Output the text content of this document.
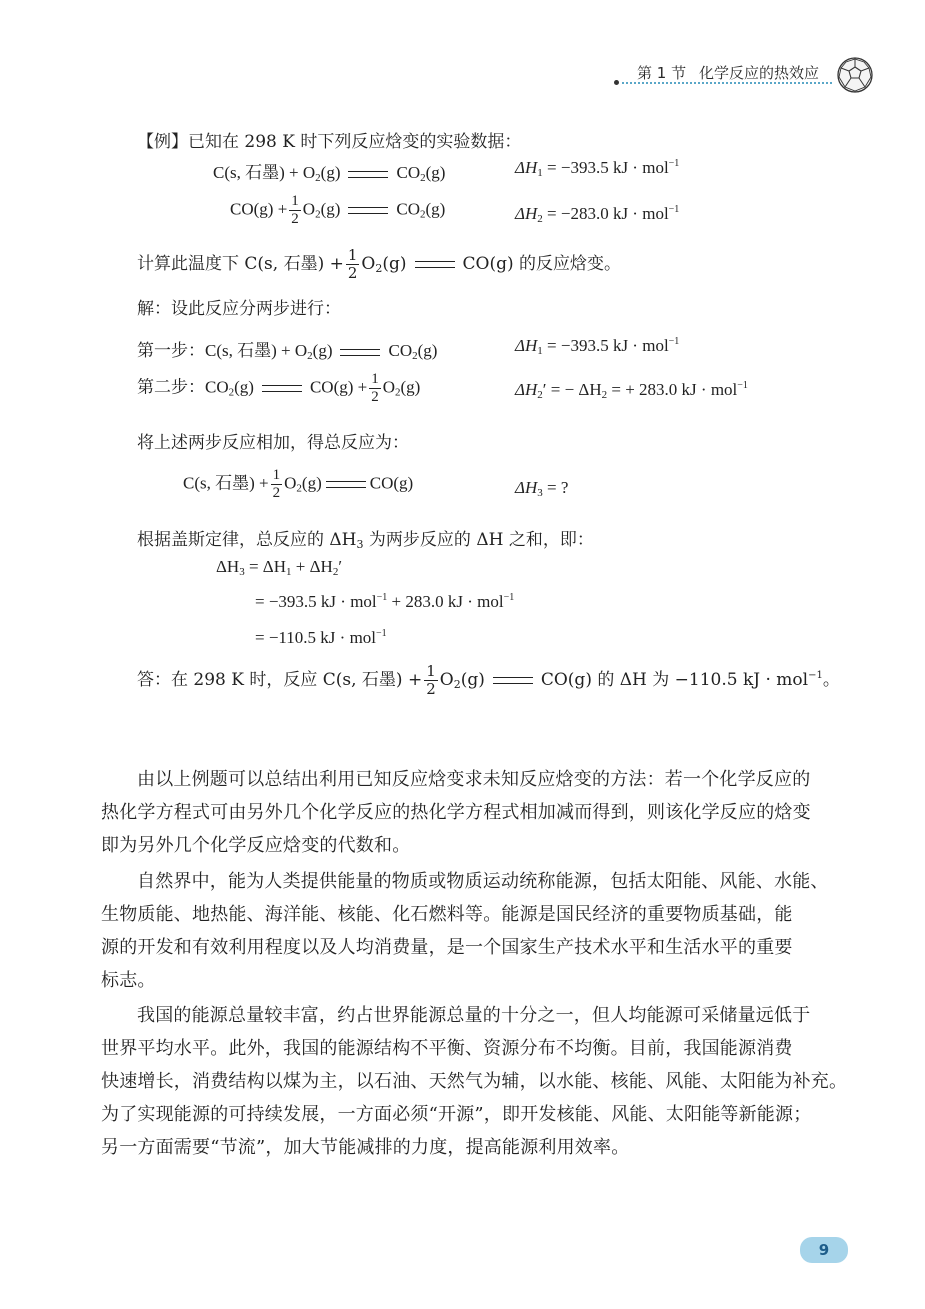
第 1 节 化学反应的热效应
【例】已知在 298 K 时下列反应焓变的实验数据：
C(s, 石墨) + $O_2(g)$	$CO_2(g)$	$\Delta H_1 = -393.5$ kJ · mol$^{-1}$
$CO(g) + \frac{1}{2} O_2(g)$	$CO_2(g)$	$\Delta H_2 = -283.0$ kJ · mol$^{-1}$
计算此温度下 C(s, 石墨) + $\frac{1}{2} O_2(g)$	CO(g) 的反应焓变。
解：设此反应分两步进行：
第一步：C(s, 石墨) + $O_2(g)$	$CO_2(g)$	$\Delta H_1 = -393.5$ kJ · mol$^{-1}$
第二步：$CO_2(g)$	$CO(g) + \frac{1}{2} O_2(g)$	$\Delta H_2'$ = − $\Delta H_2$ = + 283.0 kJ · mol$^{-1}$
将上述两步反应相加，得总反应为：
C(s, 石墨) + $\frac{1}{2} O_2(g)$	CO(g)	$\Delta H_3$ = ?
根据盖斯定律，总反应的 $\Delta H_3$ 为两步反应的 ΔH 之和，即：
$\Delta H_3 = \Delta H_1 + \Delta H_2'$
= −393.5 kJ · mol$^{-1}$ + 283.0 kJ · mol$^{-1}$
= −110.5 kJ · mol$^{-1}$
答：在 298 K 时，反应 C(s, 石墨) + $\frac{1}{2} O_2(g)$	CO(g) 的 ΔH 为 −110.5 kJ · mol$^{-1}$。
由以上例题可以总结出利用已知反应焓变求未知反应焓变的方法：若一个化学反应的
热化学方程式可由另外几个化学反应的热化学方程式相加减而得到，则该化学反应的焓变
即为另外几个化学反应焓变的代数和。
自然界中，能为人类提供能量的物质或物质运动统称能源，包括太阳能、风能、水能、
生物质能、地热能、海洋能、核能、化石燃料等。能源是国民经济的重要物质基础，能
源的开发和有效利用程度以及人均消费量，是一个国家生产技术水平和生活水平的重要
标志。
我国的能源总量较丰富，约占世界能源总量的十分之一，但人均能源可采储量远低于
世界平均水平。此外，我国的能源结构不平衡、资源分布不均衡。目前，我国能源消费
快速增长，消费结构以煤为主，以石油、天然气为辅，以水能、核能、风能、太阳能为补充。
为了实现能源的可持续发展，一方面必须“开源”，即开发核能、风能、太阳能等新能源；
另一方面需要“节流”，加大节能减排的力度，提高能源利用效率。
9
